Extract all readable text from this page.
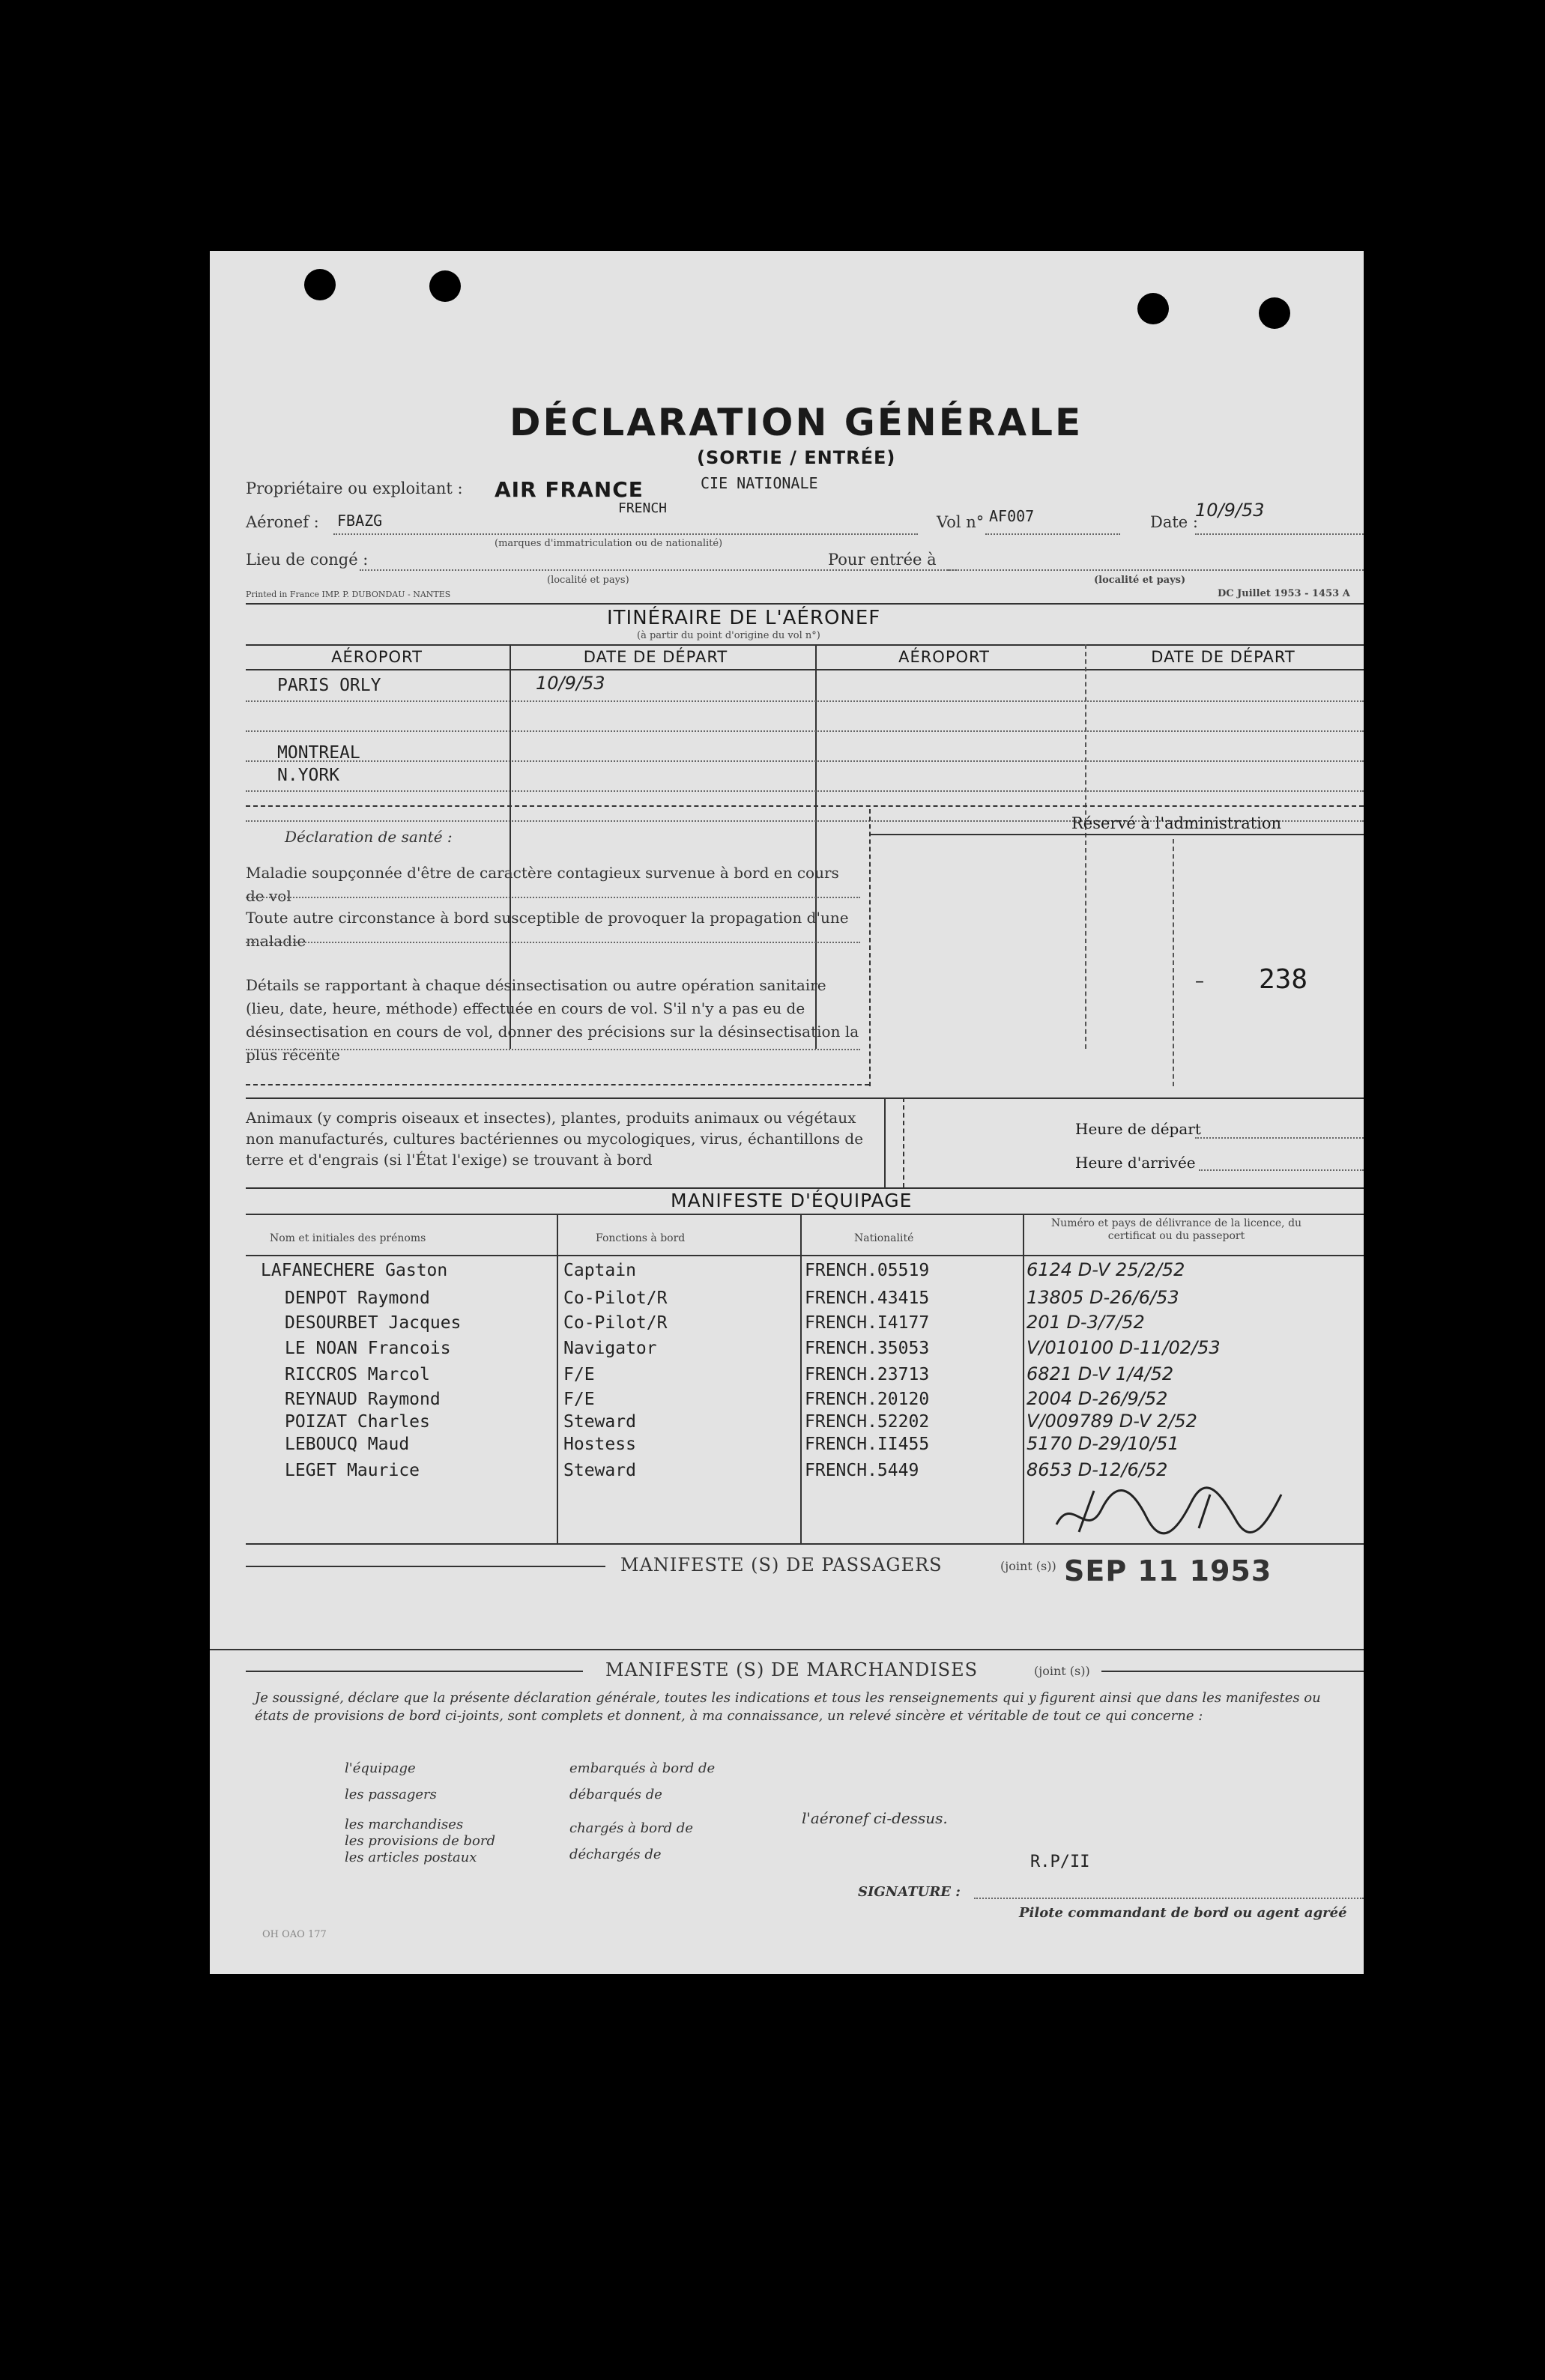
DÉCLARATION GÉNÉRALE
(SORTIE / ENTRÉE)
Propriétaire ou exploitant : AIR FRANCE	CIE NATIONALE
FRENCH
Aéronef : FBAZG
(marques d'immatriculation ou de nationalité)
Vol n° AF007	Date :
10/9/53
Lieu de congé :
(localité et pays)
Pour entrée à
(localité et pays)
Printed in France IMP. P. DUBONDAU - NANTES	DC Juillet 1953 - 1453 A
ITINÉRAIRE DE L'AÉRONEF
(à partir du point d'origine du vol n°)
AÉROPORT	DATE DE DÉPART	AÉROPORT	DATE DE DÉPART
PARIS ORLY	10/9/53
MONTREAL
N.YORK
Déclaration de santé :
Maladie soupçonnée d'être de caractère contagieux survenue à bord en cours de vol
Toute autre circonstance à bord susceptible de provoquer la propagation d'une maladie
Détails se rapportant à chaque désinsectisation ou autre opération sanitaire (lieu, date, heure, méthode) effectuée en cours de vol. S'il n'y a pas eu de désinsectisation en cours de vol, donner des précisions sur la désinsectisation la plus récente
Réservé à l'administration
– 238
Animaux (y compris oiseaux et insectes), plantes, produits animaux ou végétaux non manufacturés, cultures bactériennes ou mycologiques, virus, échantillons de terre et d'engrais (si l'État l'exige) se trouvant à bord
Heure de départ
Heure d'arrivée
MANIFESTE D'ÉQUIPAGE
Nom et initiales des prénoms	Fonctions à bord	Nationalité
Numéro et pays de délivrance de la licence, du certificat ou du passeport
LAFANECHERE Gaston	Captain	FRENCH.05519	6124 D-V 25/2/52
DENPOT Raymond	Co-Pilot/R	FRENCH.43415	13805 D-26/6/53
DESOURBET Jacques	Co-Pilot/R	FRENCH.I4177	201 D-3/7/52
LE NOAN Francois	Navigator	FRENCH.35053	V/010100 D-11/02/53
RICCROS Marcol	F/E	FRENCH.23713	6821 D-V 1/4/52
REYNAUD Raymond	F/E	FRENCH.20120	2004 D-26/9/52
POIZAT Charles	Steward	FRENCH.52202	V/009789 D-V 2/52
LEBOUCQ Maud	Hostess	FRENCH.II455	5170 D-29/10/51
LEGET Maurice	Steward	FRENCH.5449	8653 D-12/6/52
MANIFESTE (S) DE PASSAGERS	(joint (s)) SEP 11 1953
MANIFESTE (S) DE MARCHANDISES	(joint (s))
Je soussigné, déclare que la présente déclaration générale, toutes les indications et tous les renseignements qui y figurent ainsi que dans les manifestes ou états de provisions de bord ci-joints, sont complets et donnent, à ma connaissance, un relevé sincère et véritable de tout ce qui concerne :
l'équipage
les passagers
les marchandises
les provisions de bord
les articles postaux
embarqués à bord de
débarqués de
chargés à bord de
déchargés de
l'aéronef ci-dessus.
R.P/II
SIGNATURE :
Pilote commandant de bord ou agent agréé
OH OAO 177
